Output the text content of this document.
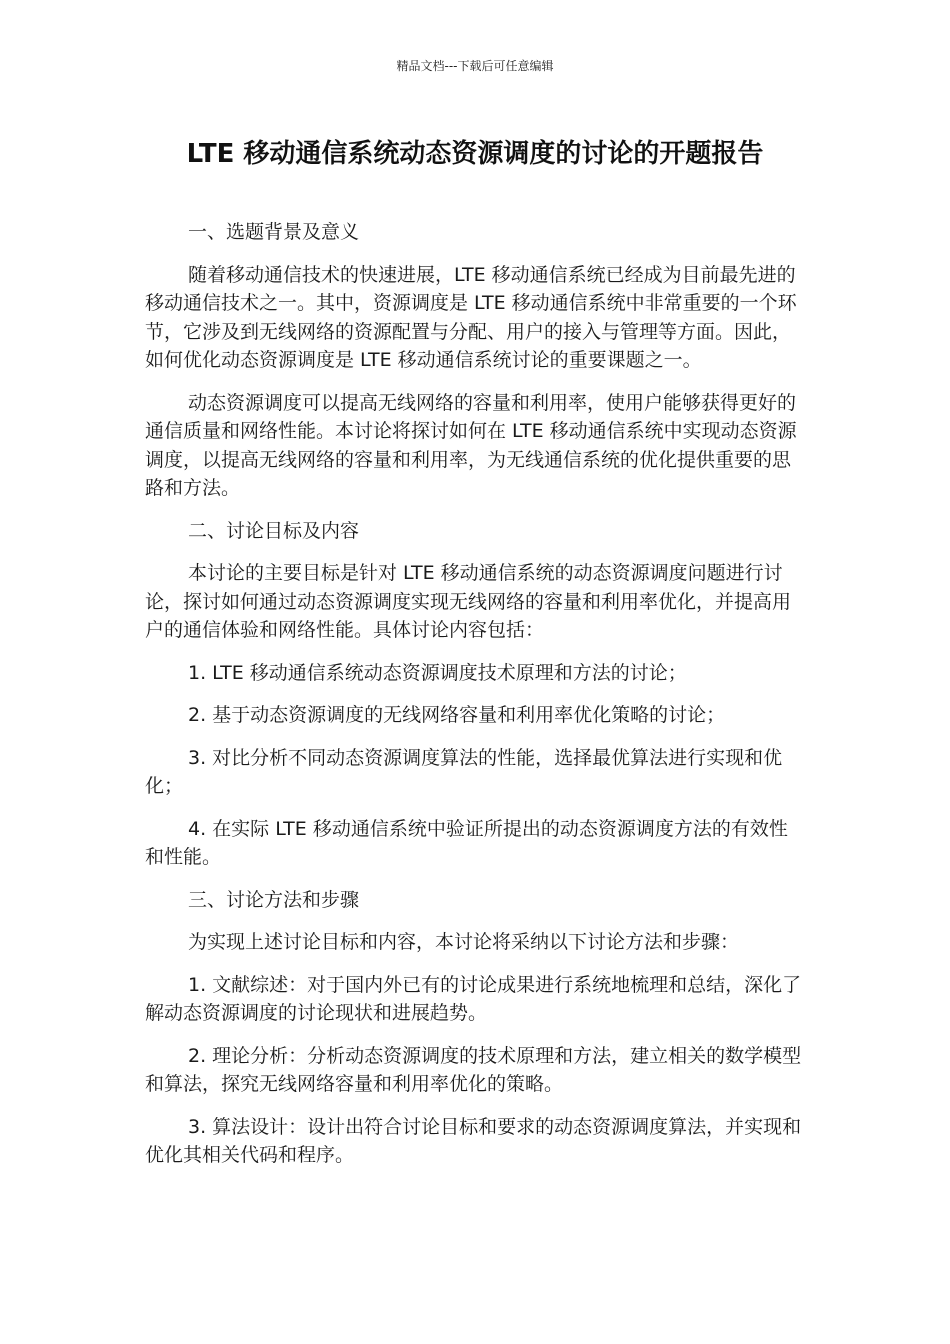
精品文档---下载后可任意编辑
LTE 移动通信系统动态资源调度的讨论的开题报告

一、选题背景及意义

随着移动通信技术的快速进展，LTE 移动通信系统已经成为目前最先进的移动通信技术之一。其中，资源调度是 LTE 移动通信系统中非常重要的一个环节，它涉及到无线网络的资源配置与分配、用户的接入与管理等方面。因此，如何优化动态资源调度是 LTE 移动通信系统讨论的重要课题之一。

动态资源调度可以提高无线网络的容量和利用率，使用户能够获得更好的通信质量和网络性能。本讨论将探讨如何在 LTE 移动通信系统中实现动态资源调度，以提高无线网络的容量和利用率，为无线通信系统的优化提供重要的思路和方法。

二、讨论目标及内容

本讨论的主要目标是针对 LTE 移动通信系统的动态资源调度问题进行讨论，探讨如何通过动态资源调度实现无线网络的容量和利用率优化，并提高用户的通信体验和网络性能。具体讨论内容包括：

1. LTE 移动通信系统动态资源调度技术原理和方法的讨论；

2. 基于动态资源调度的无线网络容量和利用率优化策略的讨论；

3. 对比分析不同动态资源调度算法的性能，选择最优算法进行实现和优化；

4. 在实际 LTE 移动通信系统中验证所提出的动态资源调度方法的有效性和性能。

三、讨论方法和步骤

为实现上述讨论目标和内容，本讨论将采纳以下讨论方法和步骤：

1. 文献综述：对于国内外已有的讨论成果进行系统地梳理和总结，深化了解动态资源调度的讨论现状和进展趋势。

2. 理论分析：分析动态资源调度的技术原理和方法，建立相关的数学模型和算法，探究无线网络容量和利用率优化的策略。

3. 算法设计：设计出符合讨论目标和要求的动态资源调度算法，并实现和优化其相关代码和程序。
